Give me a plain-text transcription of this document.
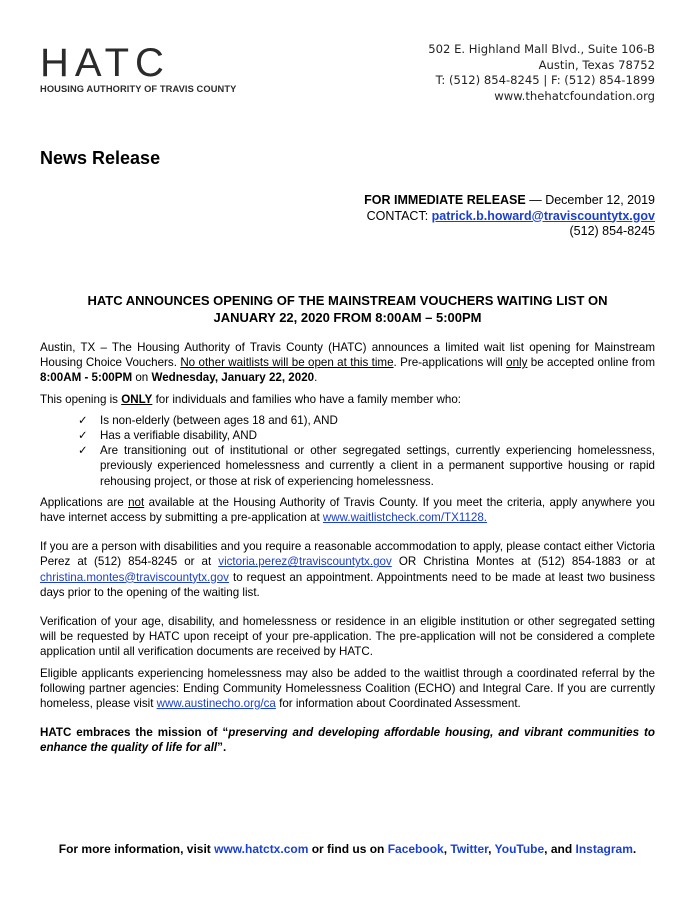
HATC
HOUSING AUTHORITY OF TRAVIS COUNTY
502 E. Highland Mall Blvd., Suite 106-B
Austin, Texas 78752
T: (512) 854-8245 | F: (512) 854-1899
www.thehatcfoundation.org
News Release
FOR IMMEDIATE RELEASE — December 12, 2019
CONTACT: patrick.b.howard@traviscountytx.gov
(512) 854-8245
HATC ANNOUNCES OPENING OF THE MAINSTREAM VOUCHERS WAITING LIST ON
JANUARY 22, 2020 FROM 8:00AM – 5:00PM

Austin, TX – The Housing Authority of Travis County (HATC) announces a limited wait list opening for Mainstream Housing Choice Vouchers. No other waitlists will be open at this time. Pre-applications will only be accepted online from 8:00AM - 5:00PM on Wednesday, January 22, 2020.

This opening is ONLY for individuals and families who have a family member who:

✓ Is non-elderly (between ages 18 and 61), AND
✓ Has a verifiable disability, AND
✓ Are transitioning out of institutional or other segregated settings, currently experiencing homelessness, previously experienced homelessness and currently a client in a permanent supportive housing or rapid rehousing project, or those at risk of experiencing homelessness.

Applications are not available at the Housing Authority of Travis County. If you meet the criteria, apply anywhere you have internet access by submitting a pre-application at www.waitlistcheck.com/TX1128.

If you are a person with disabilities and you require a reasonable accommodation to apply, please contact either Victoria Perez at (512) 854-8245 or at victoria.perez@traviscountytx.gov OR Christina Montes at (512) 854-1883 or at christina.montes@traviscountytx.gov to request an appointment. Appointments need to be made at least two business days prior to the opening of the waiting list.

Verification of your age, disability, and homelessness or residence in an eligible institution or other segregated setting will be requested by HATC upon receipt of your pre-application. The pre-application will not be considered a complete application until all verification documents are received by HATC.

Eligible applicants experiencing homelessness may also be added to the waitlist through a coordinated referral by the following partner agencies: Ending Community Homelessness Coalition (ECHO) and Integral Care. If you are currently homeless, please visit www.austinecho.org/ca for information about Coordinated Assessment.

HATC embraces the mission of “preserving and developing affordable housing, and vibrant communities to enhance the quality of life for all”.

For more information, visit www.hatctx.com or find us on Facebook, Twitter, YouTube, and Instagram.
